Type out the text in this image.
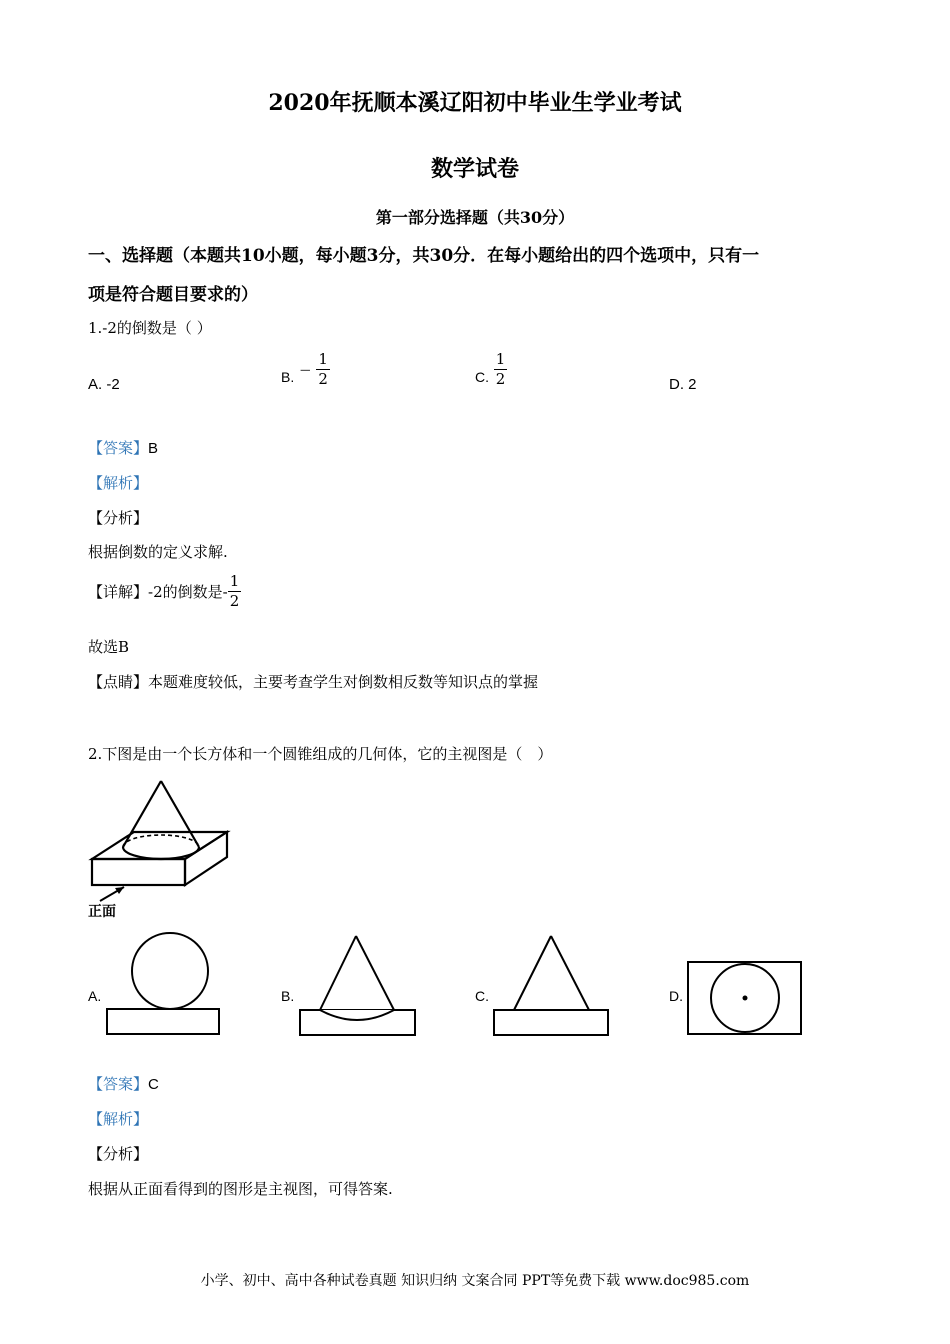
2020年抚顺本溪辽阳初中毕业生学业考试
数学试卷
第一部分选择题（共30分）
一、选择题（本题共10小题，每小题3分，共30分．在每小题给出的四个选项中，只有一
项是符合题目要求的）
1.-2的倒数是（ ）
A. -2	B. − $\frac{1}{2}$	C. $\frac{1}{2}$	D. 2
【答案】B
【解析】
【分析】
根据倒数的定义求解.
【详解】-2的倒数是- $\frac{1}{2}$
故选B
【点睛】本题难度较低，主要考查学生对倒数相反数等知识点的掌握
2.下图是由一个长方体和一个圆锥组成的几何体，它的主视图是（　）
正面
A.	B.	C.	D.
【答案】C
【解析】
【分析】
根据从正面看得到的图形是主视图，可得答案.
小学、初中、高中各种试卷真题 知识归纳 文案合同 PPT等免费下载 www.doc985.com
